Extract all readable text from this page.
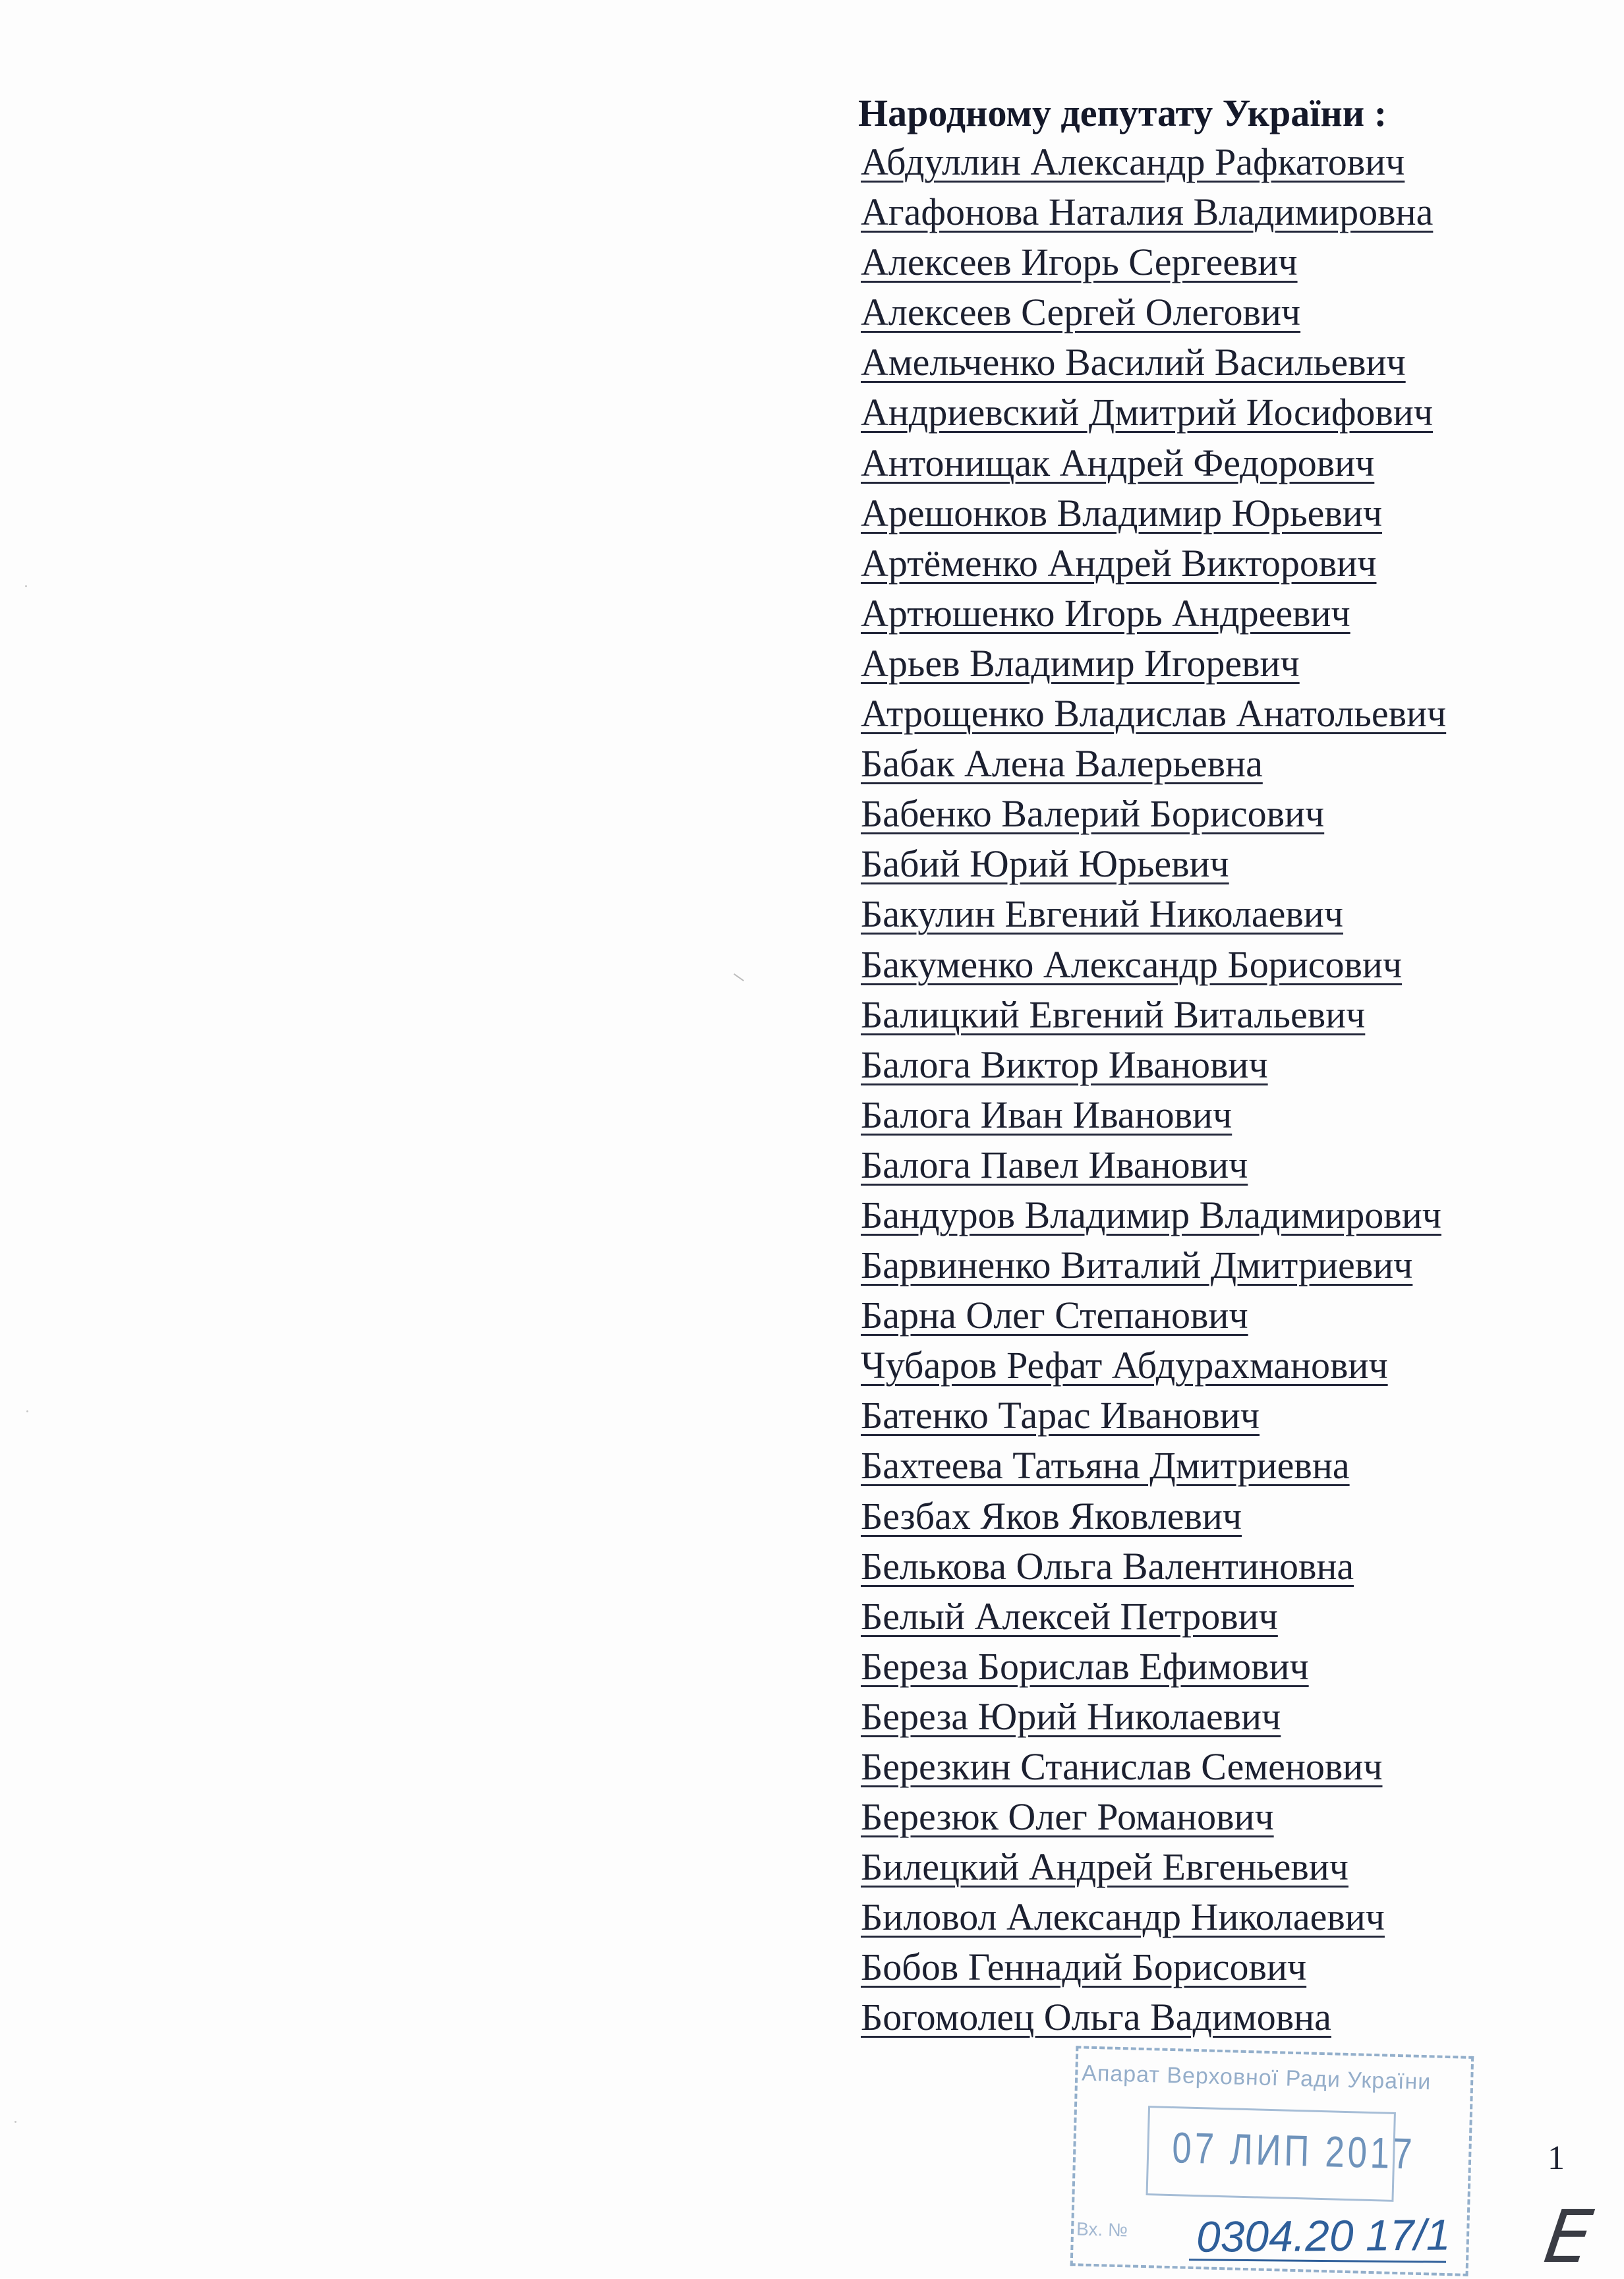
Народному депутату України :
Абдуллин Александр Рафкатович
Агафонова Наталия Владимировна
Алексеев Игорь Сергеевич
Алексеев Сергей Олегович
Амельченко Василий Васильевич
Андриевский Дмитрий Иосифович
Антонищак Андрей Федорович
Арешонков Владимир Юрьевич
Артёменко Андрей Викторович
Артюшенко Игорь Андреевич
Арьев Владимир Игоревич
Атрощенко Владислав Анатольевич
Бабак Алена Валерьевна
Бабенко Валерий Борисович
Бабий Юрий Юрьевич
Бакулин Евгений Николаевич
Бакуменко Александр Борисович
Балицкий Евгений Витальевич
Балога Виктор Иванович
Балога Иван Иванович
Балога Павел Иванович
Бандуров Владимир Владимирович
Барвиненко Виталий Дмитриевич
Барна Олег Степанович
Чубаров Рефат Абдурахманович
Батенко Тарас Иванович
Бахтеева Татьяна Дмитриевна
Безбах Яков Яковлевич
Белькова Ольга Валентиновна
Белый Алексей Петрович
Береза Борислав Ефимович
Береза Юрий Николаевич
Березкин Станислав Семенович
Березюк Олег Романович
Билецкий Андрей Евгеньевич
Биловол Александр Николаевич
Бобов Геннадий Борисович
Богомолец Ольга Вадимовна
Апарат Верховної Ради України
07 ЛИП 2017
Вх. № 0304.20 17/1
1
Е
